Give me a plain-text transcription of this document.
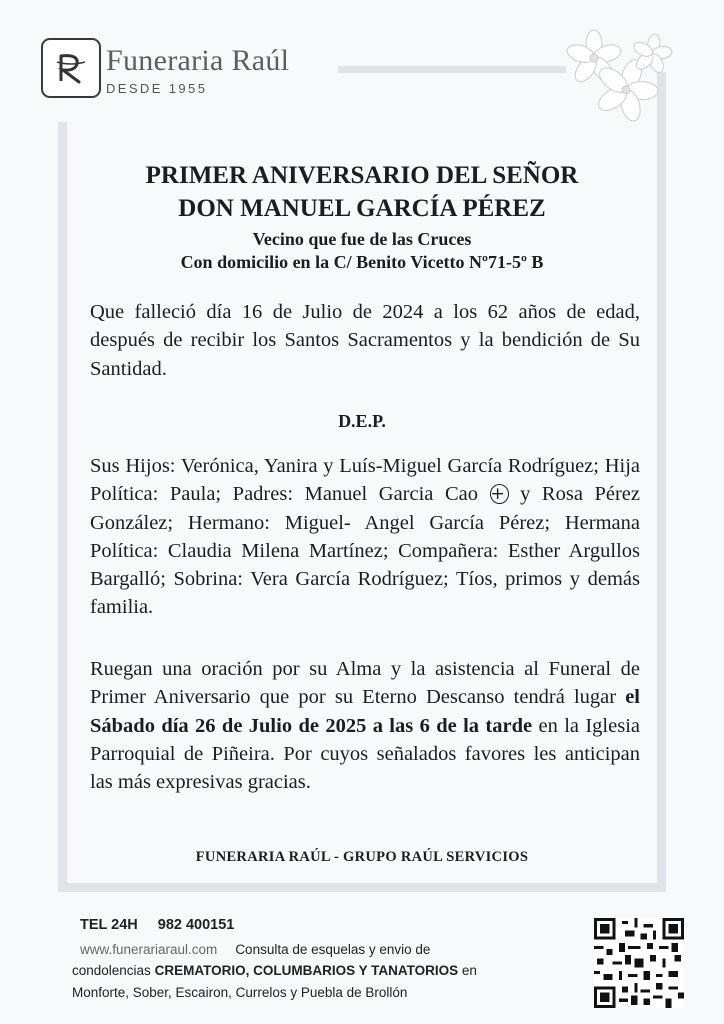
Funeraria Raúl
DESDE 1955
PRIMER ANIVERSARIO DEL SEÑOR
DON MANUEL GARCÍA PÉREZ
Vecino que fue de las Cruces
Con domicilio en la C/ Benito Vicetto Nº71-5º B
Que falleció día 16 de Julio de 2024 a los 62 años de edad, después de recibir los Santos Sacramentos y la bendición de Su Santidad.
D.E.P.
Sus Hijos: Verónica, Yanira y Luís-Miguel García Rodríguez; Hija Política: Paula; Padres: Manuel Garcia Cao + y Rosa Pérez González; Hermano: Miguel- Angel García Pérez; Hermana Política: Claudia Milena Martínez; Compañera: Esther Argullos Bargalló; Sobrina: Vera García Rodríguez; Tíos, primos y demás familia.
Ruegan una oración por su Alma y la asistencia al Funeral de Primer Aniversario que por su Eterno Descanso tendrá lugar el Sábado día 26 de Julio de 2025 a las 6 de la tarde en la Iglesia Parroquial de Piñeira. Por cuyos señalados favores les anticipan las más expresivas gracias.
FUNERARIA RAÚL - GRUPO RAÚL SERVICIOS
TEL 24H 982 400151
www.funerariaraul.com Consulta de esquelas y envio de
condolencias CREMATORIO, COLUMBARIOS Y TANATORIOS en
Monforte, Sober, Escairon, Currelos y Puebla de Brollón
